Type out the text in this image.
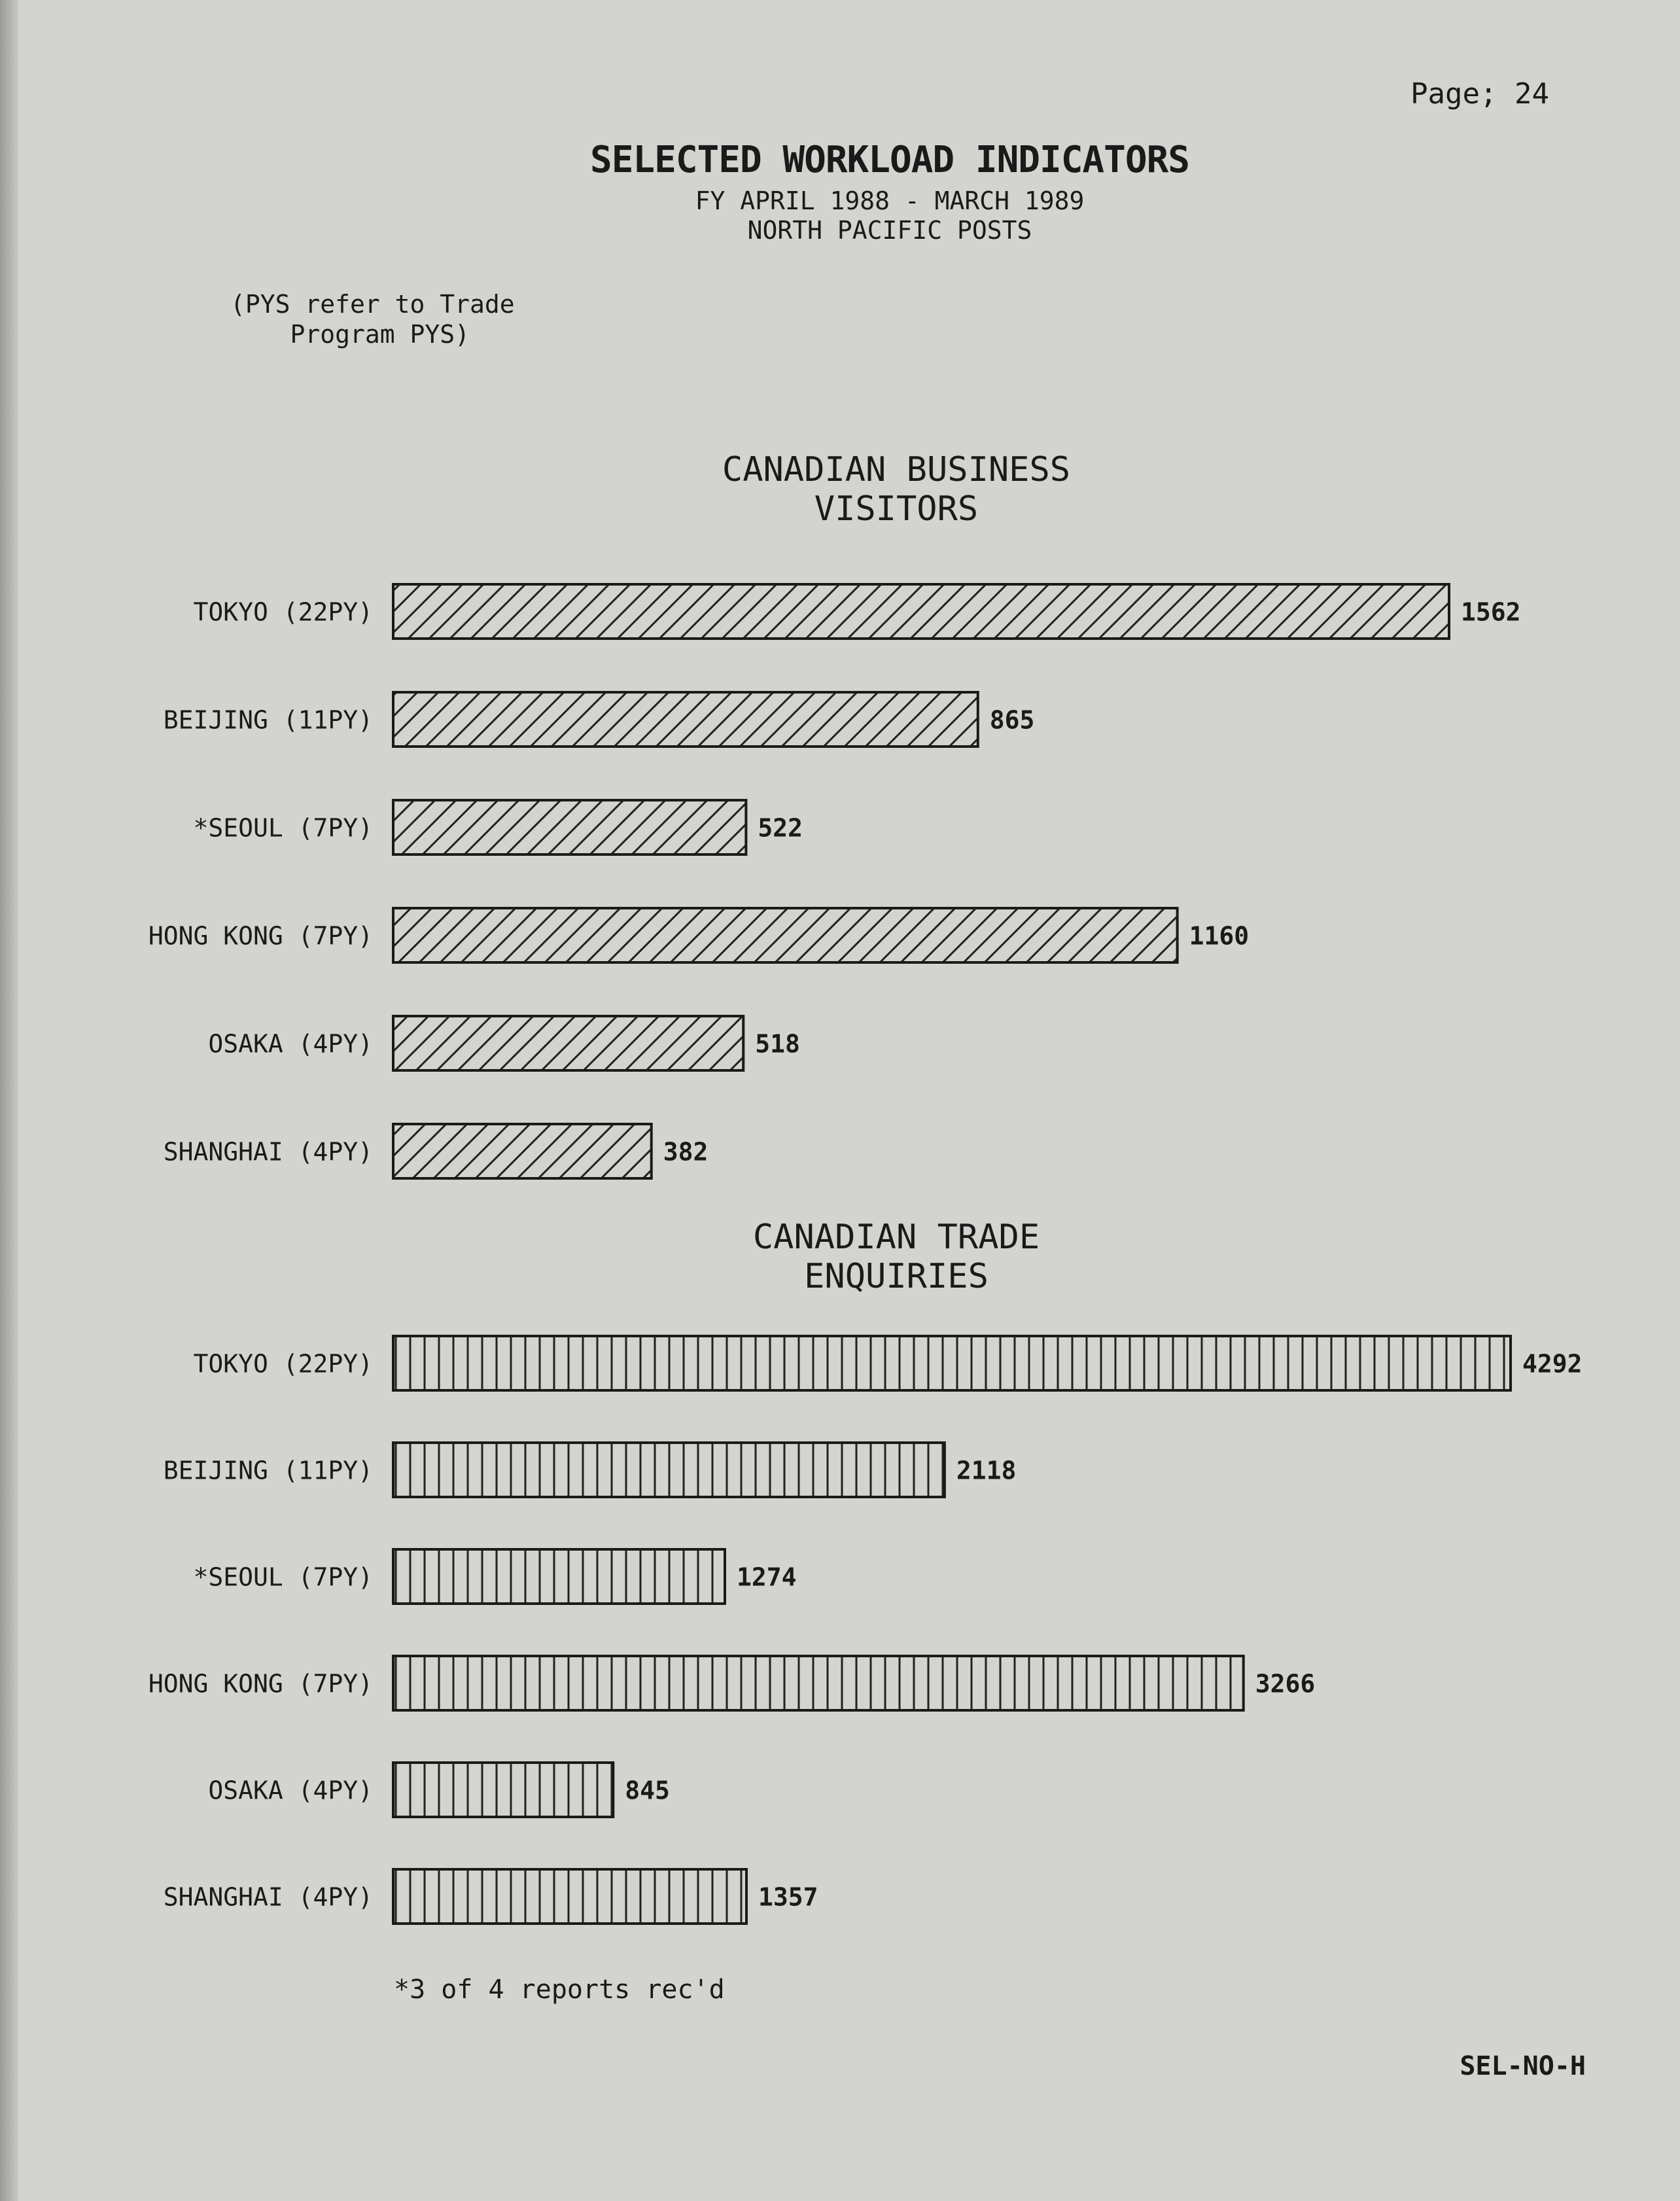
Page; 24
SELECTED WORKLOAD INDICATORS
FY APRIL 1988 - MARCH 1989
NORTH PACIFIC POSTS
(PYS refer to Trade
Program PYS)
CANADIAN BUSINESS
VISITORS
CANADIAN TRADE
ENQUIRIES
TOKYO (22PY)	1562
BEIJING (11PY)	865
*SEOUL (7PY)	522
HONG KONG (7PY)	1160
OSAKA (4PY)	518
SHANGHAI (4PY)	382
TOKYO (22PY)	4292
BEIJING (11PY)	2118
*SEOUL (7PY)	1274
HONG KONG (7PY)	3266
OSAKA (4PY)	845
SHANGHAI (4PY)	1357
*3 of 4 reports rec'd
SEL-NO-H
